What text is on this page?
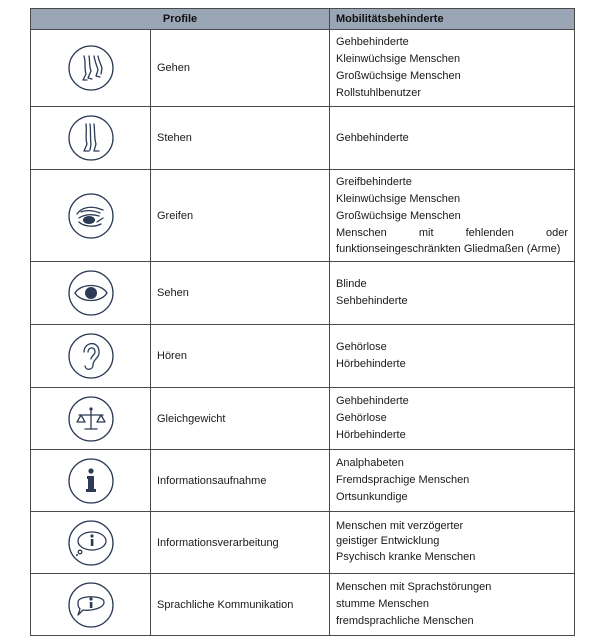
Profile		Mobilitätsbehinderte

	Gehen	Gehbehinderte
Kleinwüchsige Menschen
Großwüchsige Menschen
Rollstuhlbenutzer

	Stehen	Gehbehinderte

	Greifen	Greifbehinderte
Kleinwüchsige Menschen
Großwüchsige Menschen
Menschen mit fehlenden oder funktionseingeschränkten Gliedmaßen (Arme)

	Sehen	Blinde
Sehbehinderte

	Hören	Gehörlose
Hörbehinderte

	Gleichgewicht	Gehbehinderte
Gehörlose
Hörbehinderte

	Informationsaufnahme	Analphabeten
Fremdsprachige Menschen
Ortsunkundige

	Informationsverarbeitung	Menschen mit verzögerter geistiger Entwicklung
Psychisch kranke Menschen

	Sprachliche Kommunikation	Menschen mit Sprachstörungen
stumme Menschen
fremdsprachliche Menschen
